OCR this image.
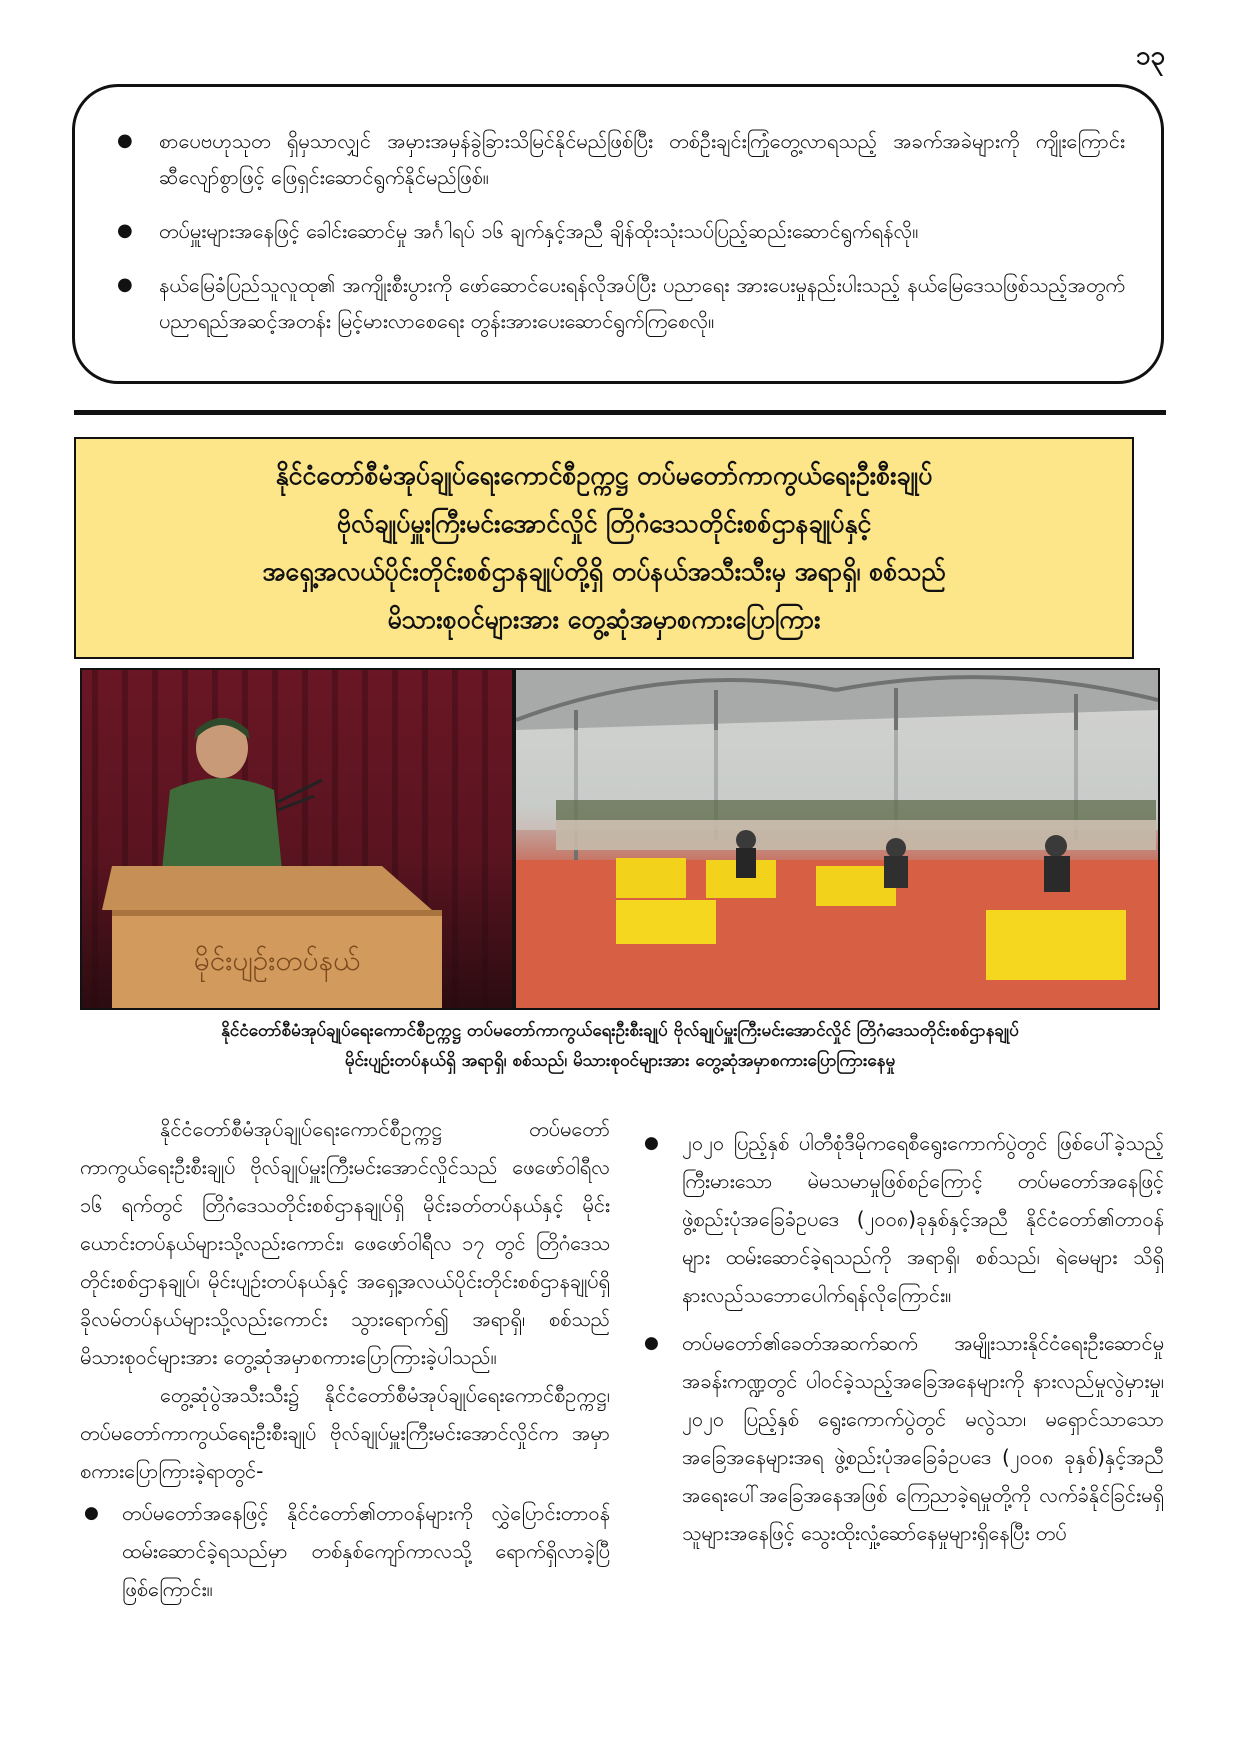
၁၃
● စာပေဗဟုသုတ ရှိမှသာလျှင် အမှားအမှန်ခွဲခြားသိမြင်နိုင်မည်ဖြစ်ပြီး တစ်ဦးချင်းကြုံတွေ့လာရသည့် အခက်အခဲများကို ကျိုးကြောင်းဆီလျော်စွာဖြင့် ဖြေရှင်းဆောင်ရွက်နိုင်မည်ဖြစ်။
● တပ်မှူးများအနေဖြင့် ခေါင်းဆောင်မှု အင်္ဂါရပ် ၁၆ ချက်နှင့်အညီ ချိန်ထိုးသုံးသပ်ပြည့်ဆည်းဆောင်ရွက်ရန်လို။
● နယ်မြေခံပြည်သူလူထု၏ အကျိုးစီးပွားကို ဖော်ဆောင်ပေးရန်လိုအပ်ပြီး ပညာရေး အားပေးမှုနည်းပါးသည့် နယ်မြေဒေသဖြစ်သည့်အတွက် ပညာရည်အဆင့်အတန်း မြင့်မားလာစေရေး တွန်းအားပေးဆောင်ရွက်ကြစေလို။
နိုင်ငံတော်စီမံအုပ်ချုပ်ရေးကောင်စီဥက္ကဋ္ဌ တပ်မတော်ကာကွယ်ရေးဦးစီးချုပ်
ဗိုလ်ချုပ်မှူးကြီးမင်းအောင်လှိုင် တြိဂံဒေသတိုင်းစစ်ဌာနချုပ်နှင့်
အရှေ့အလယ်ပိုင်းတိုင်းစစ်ဌာနချုပ်တို့ရှိ တပ်နယ်အသီးသီးမှ အရာရှိ၊ စစ်သည်
မိသားစုဝင်များအား တွေ့ဆုံအမှာစကားပြောကြား
မိုင်းပျဉ်းတပ်နယ်
နိုင်ငံတော်စီမံအုပ်ချုပ်ရေးကောင်စီဥက္ကဋ္ဌ တပ်မတော်ကာကွယ်ရေးဦးစီးချုပ် ဗိုလ်ချုပ်မှူးကြီးမင်းအောင်လှိုင် တြိဂံဒေသတိုင်းစစ်ဌာနချုပ်
မိုင်းပျဉ်းတပ်နယ်ရှိ အရာရှိ၊ စစ်သည်၊ မိသားစုဝင်များအား တွေ့ဆုံအမှာစကားပြောကြားနေမှု

နိုင်ငံတော်စီမံအုပ်ချုပ်ရေးကောင်စီဥက္ကဋ္ဌ တပ်မတော်ကာကွယ်ရေးဦးစီးချုပ် ဗိုလ်ချုပ်မှူးကြီးမင်းအောင်လှိုင်သည် ဖေဖော်ဝါရီလ ၁၆ ရက်တွင် တြိဂံဒေသတိုင်းစစ်ဌာနချုပ်ရှိ မိုင်းခတ်တပ်နယ်နှင့် မိုင်းယောင်းတပ်နယ်များသို့လည်းကောင်း၊ ဖေဖော်ဝါရီလ ၁၇ တွင် တြိဂံဒေသတိုင်းစစ်ဌာနချုပ်၊ မိုင်းပျဉ်းတပ်နယ်နှင့် အရှေ့အလယ်ပိုင်းတိုင်းစစ်ဌာနချုပ်ရှိ ခိုလမ်တပ်နယ်များသို့လည်းကောင်း သွားရောက်၍ အရာရှိ၊ စစ်သည် မိသားစုဝင်များအား တွေ့ဆုံအမှာစကားပြောကြားခဲ့ပါသည်။

တွေ့ဆုံပွဲအသီးသီး၌ နိုင်ငံတော်စီမံအုပ်ချုပ်ရေးကောင်စီဥက္ကဋ္ဌ၊ တပ်မတော်ကာကွယ်ရေးဦးစီးချုပ် ဗိုလ်ချုပ်မှူးကြီးမင်းအောင်လှိုင်က အမှာစကားပြောကြားခဲ့ရာတွင်-

● တပ်မတော်အနေဖြင့် နိုင်ငံတော်၏တာဝန်များကို လွှဲပြောင်းတာဝန်ထမ်းဆောင်ခဲ့ရသည်မှာ တစ်နှစ်ကျော်ကာလသို့ ရောက်ရှိလာခဲ့ပြီဖြစ်ကြောင်း။
● ၂၀၂၀ ပြည့်နှစ် ပါတီစုံဒီမိုကရေစီရွေးကောက်ပွဲတွင် ဖြစ်ပေါ်ခဲ့သည့် ကြီးမားသော မဲမသမာမှုဖြစ်စဉ်ကြောင့် တပ်မတော်အနေဖြင့် ဖွဲ့စည်းပုံအခြေခံဥပဒေ (၂၀၀၈)ခုနှစ်နှင့်အညီ နိုင်ငံတော်၏တာဝန်များ ထမ်းဆောင်ခဲ့ရသည်ကို အရာရှိ၊ စစ်သည်၊ ရဲမေများ သိရှိနားလည်သဘောပေါက်ရန်လိုကြောင်း။
● တပ်မတော်၏ခေတ်အဆက်ဆက် အမျိုးသားနိုင်ငံရေးဦးဆောင်မှုအခန်းကဏ္ဍတွင် ပါဝင်ခဲ့သည့်အခြေအနေများကို နားလည်မှုလွဲမှားမှု၊ ၂၀၂၀ ပြည့်နှစ် ရွေးကောက်ပွဲတွင် မလွဲသာ၊ မရှောင်သာသောအခြေအနေများအရ ဖွဲ့စည်းပုံအခြေခံဥပဒေ (၂၀၀၈ ခုနှစ်)နှင့်အညီ အရေးပေါ်အခြေအနေအဖြစ် ကြေညာခဲ့ရမှုတို့ကို လက်ခံနိုင်ခြင်းမရှိသူများအနေဖြင့် သွေးထိုးလှုံ့ဆော်နေမှုများရှိနေပြီး တပ်
